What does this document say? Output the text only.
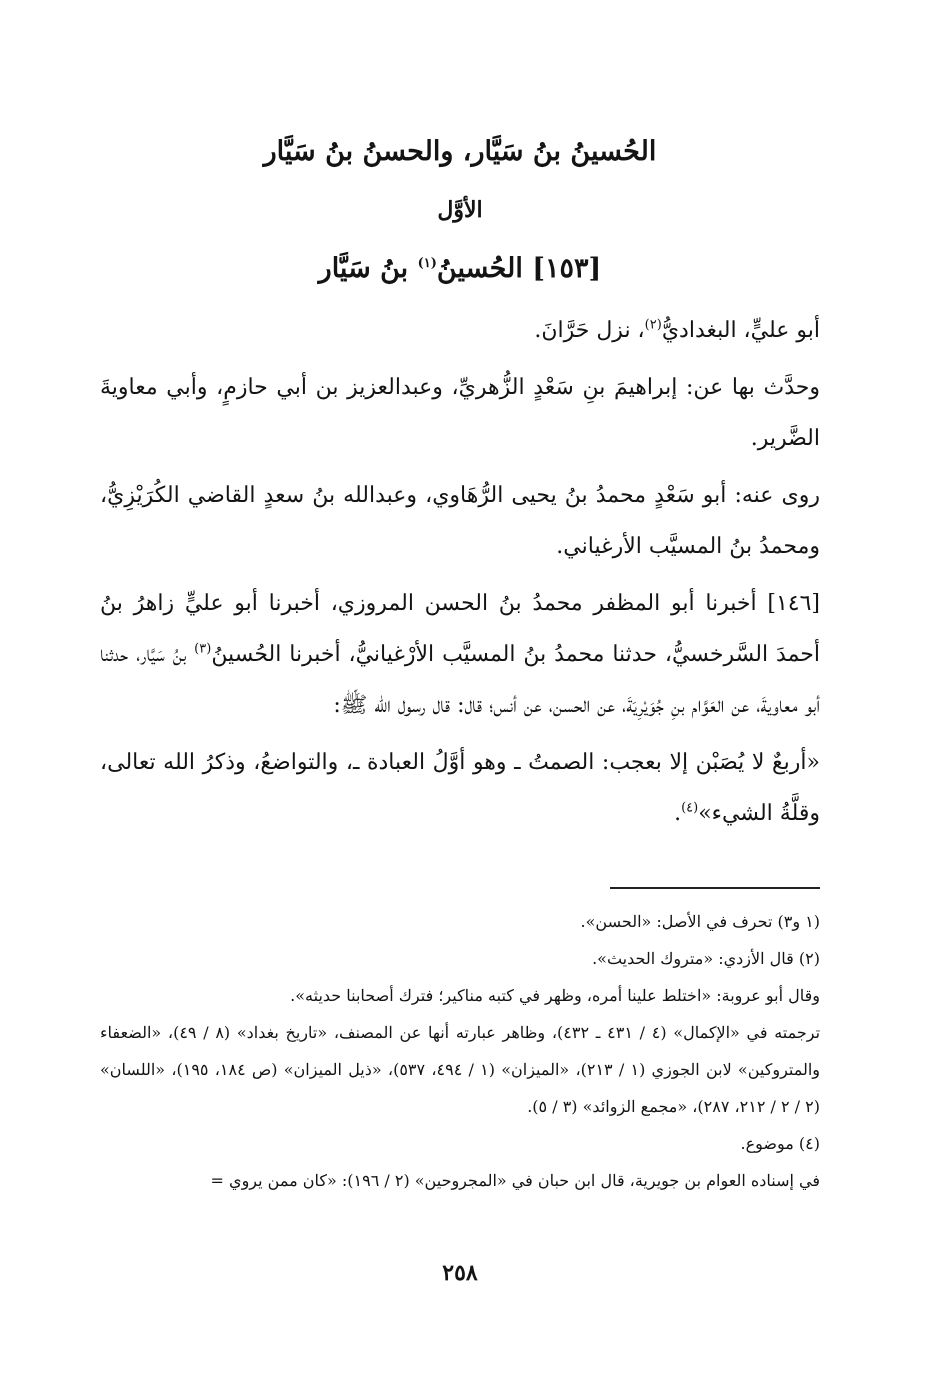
الحُسينُ بنُ سَيَّار، والحسنُ بنُ سَيَّار
الأوَّل
[١٥٣] الحُسينُ$^{(١)}$ بنُ سَيَّار

أبو عليٍّ، البغداديُّ$^{(٢)}$، نزل حَرَّانَ.

وحدَّث بها عن: إبراهيمَ بنِ سَعْدٍ الزُّهريِّ، وعبدالعزيز بن أبي حازمٍ، وأبي معاويةَ الضَّرير.

روى عنه: أبو سَعْدٍ محمدُ بنُ يحيى الرُّهَاوي، وعبدالله بنُ سعدٍ القاضي الكُرَيْزِيُّ، ومحمدُ بنُ المسيَّب الأرغياني.

[١٤٦] أخبرنا أبو المظفر محمدُ بنُ الحسن المروزي، أخبرنا أبو عليٍّ زاهرُ بنُ أحمدَ السَّرخسيُّ، حدثنا محمدُ بنُ المسيَّب الأرْغيانيُّ، أخبرنا الحُسينُ$^{(٣)}$ بنُ سَيَّار، حدثنا أبو معاويةَ، عن العَوَّام بنِ جُوَيْرِيَةَ، عن الحسن، عن أنس؛ قال: قال رسول الله ﷺ:

«أربعٌ لا يُصَبْن إلا بعجب: الصمتُ ـ وهو أوَّلُ العبادة ـ، والتواضعُ، وذكرُ الله تعالى، وقلَّةُ الشيء»$^{(٤)}$.

(١ و٣) تحرف في الأصل: «الحسن».

(٢) قال الأزدي: «متروك الحديث».

وقال أبو عروبة: «اختلط علينا أمره، وظهر في كتبه مناكير؛ فترك أصحابنا حديثه».

ترجمته في «الإكمال» (٤ / ٤٣١ ـ ٤٣٢)، وظاهر عبارته أنها عن المصنف، «تاريخ بغداد» (٨ / ٤٩)، «الضعفاء والمتروكين» لابن الجوزي (١ / ٢١٣)، «الميزان» (١ / ٤٩٤، ٥٣٧)، «ذيل الميزان» (ص ١٨٤، ١٩٥)، «اللسان» (٢ / ٢ / ٢١٢، ٢٨٧)، «مجمع الزوائد» (٣ / ٥).

(٤) موضوع.

في إسناده العوام بن جويرية، قال ابن حبان في «المجروحين» (٢ / ١٩٦): «كان ممن يروي =

٢٥٨
